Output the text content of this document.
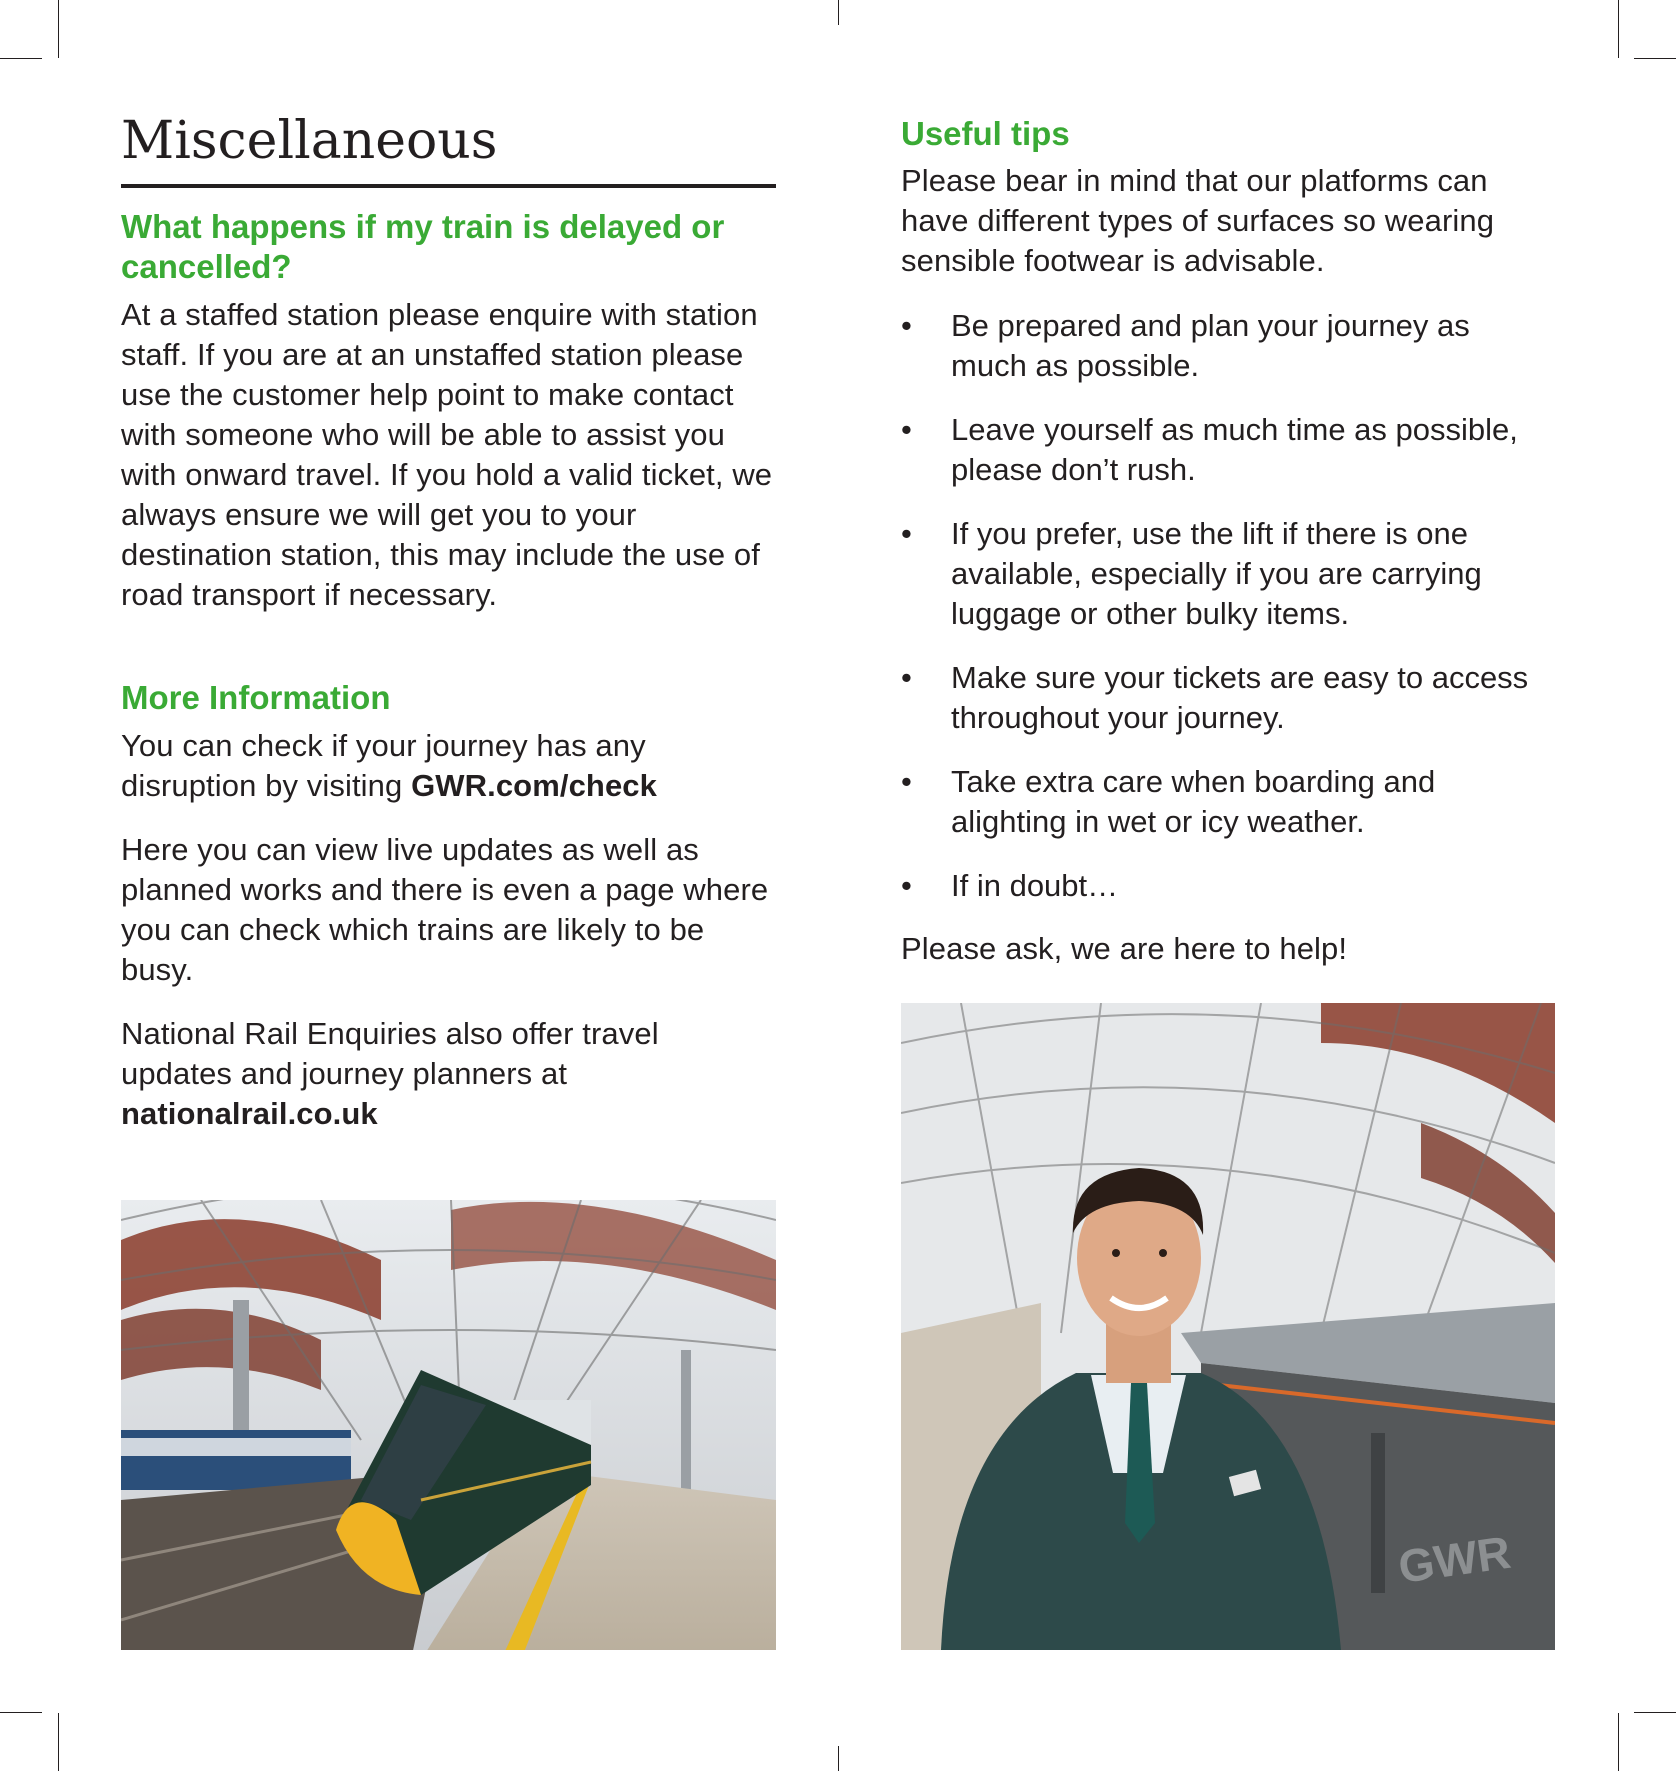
Miscellaneous
What happens if my train is delayed or cancelled?

At a staffed station please enquire with station staff. If you are at an unstaffed station please use the customer help point to make contact with someone who will be able to assist you with onward travel. If you hold a valid ticket, we always ensure we will get you to your destination station, this may include the use of road transport if necessary.

More Information

You can check if your journey has any disruption by visiting GWR.com/check

Here you can view live updates as well as planned works and there is even a page where you can check which trains are likely to be busy.

National Rail Enquiries also offer travel updates and journey planners at nationalrail.co.uk

Useful tips

Please bear in mind that our platforms can have different types of surfaces so wearing sensible footwear is advisable.

• Be prepared and plan your journey as much as possible.
• Leave yourself as much time as possible, please don’t rush.
• If you prefer, use the lift if there is one available, especially if you are carrying luggage or other bulky items.
• Make sure your tickets are easy to access throughout your journey.
• Take extra care when boarding and alighting in wet or icy weather.
• If in doubt…

Please ask, we are here to help!

GWR
